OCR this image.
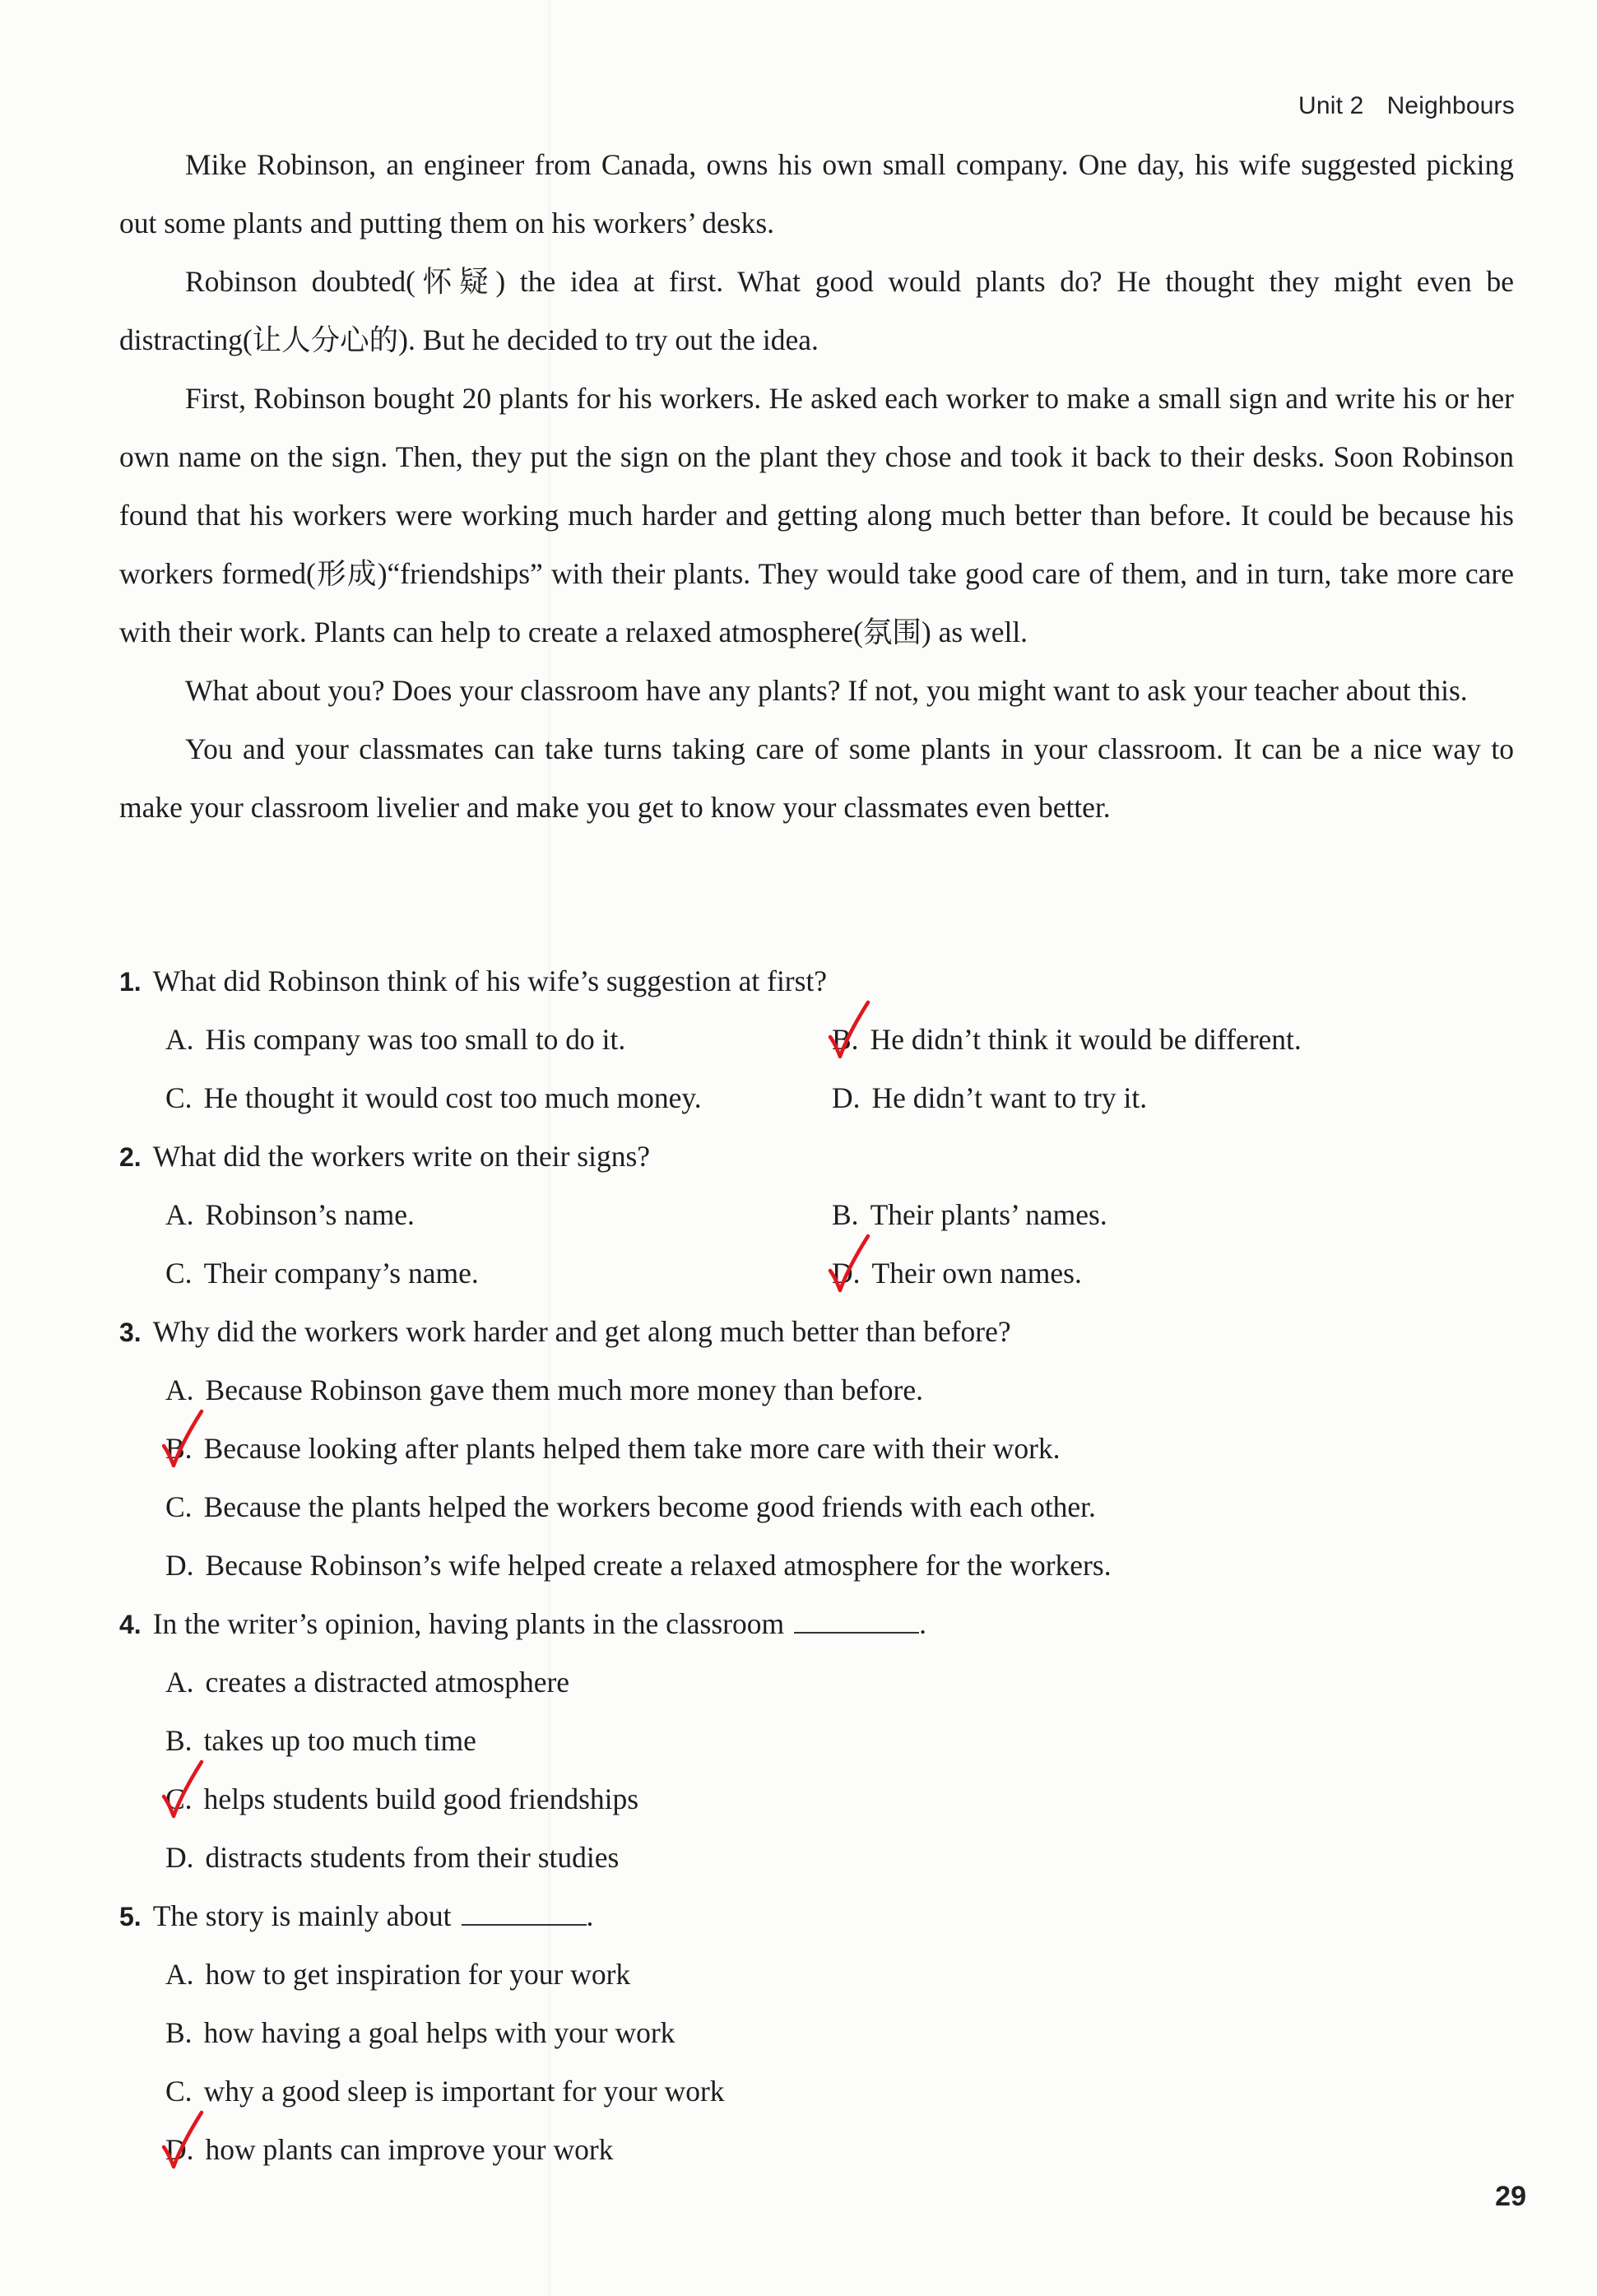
Unit 2 Neighbours

Mike Robinson, an engineer from Canada, owns his own small company. One day, his wife suggested picking out some plants and putting them on his workers’ desks.

Robinson doubted(怀疑) the idea at first. What good would plants do? He thought they might even be distracting(让人分心的). But he decided to try out the idea.

First, Robinson bought 20 plants for his workers. He asked each worker to make a small sign and write his or her own name on the sign. Then, they put the sign on the plant they chose and took it back to their desks. Soon Robinson found that his workers were working much harder and getting along much better than before. It could be because his workers formed(形成)“friendships” with their plants. They would take good care of them, and in turn, take more care with their work. Plants can help to create a relaxed atmosphere(氛围) as well.

What about you? Does your classroom have any plants? If not, you might want to ask your teacher about this.

You and your classmates can take turns taking care of some plants in your classroom. It can be a nice way to make your classroom livelier and make you get to know your classmates even better.

1. What did Robinson think of his wife’s suggestion at first?
A. His company was too small to do it.	B. He didn’t think it would be different.
C. He thought it would cost too much money.	D. He didn’t want to try it.
2. What did the workers write on their signs?
A. Robinson’s name.	B. Their plants’ names.
C. Their company’s name.	D. Their own names.
3. Why did the workers work harder and get along much better than before?
A. Because Robinson gave them much more money than before.
B. Because looking after plants helped them take more care with their work.
C. Because the plants helped the workers become good friends with each other.
D. Because Robinson’s wife helped create a relaxed atmosphere for the workers.
4. In the writer’s opinion, having plants in the classroom	.
A. creates a distracted atmosphere
B. takes up too much time
C. helps students build good friendships
D. distracts students from their studies
5. The story is mainly about	.
A. how to get inspiration for your work
B. how having a goal helps with your work
C. why a good sleep is important for your work
D. how plants can improve your work
29
